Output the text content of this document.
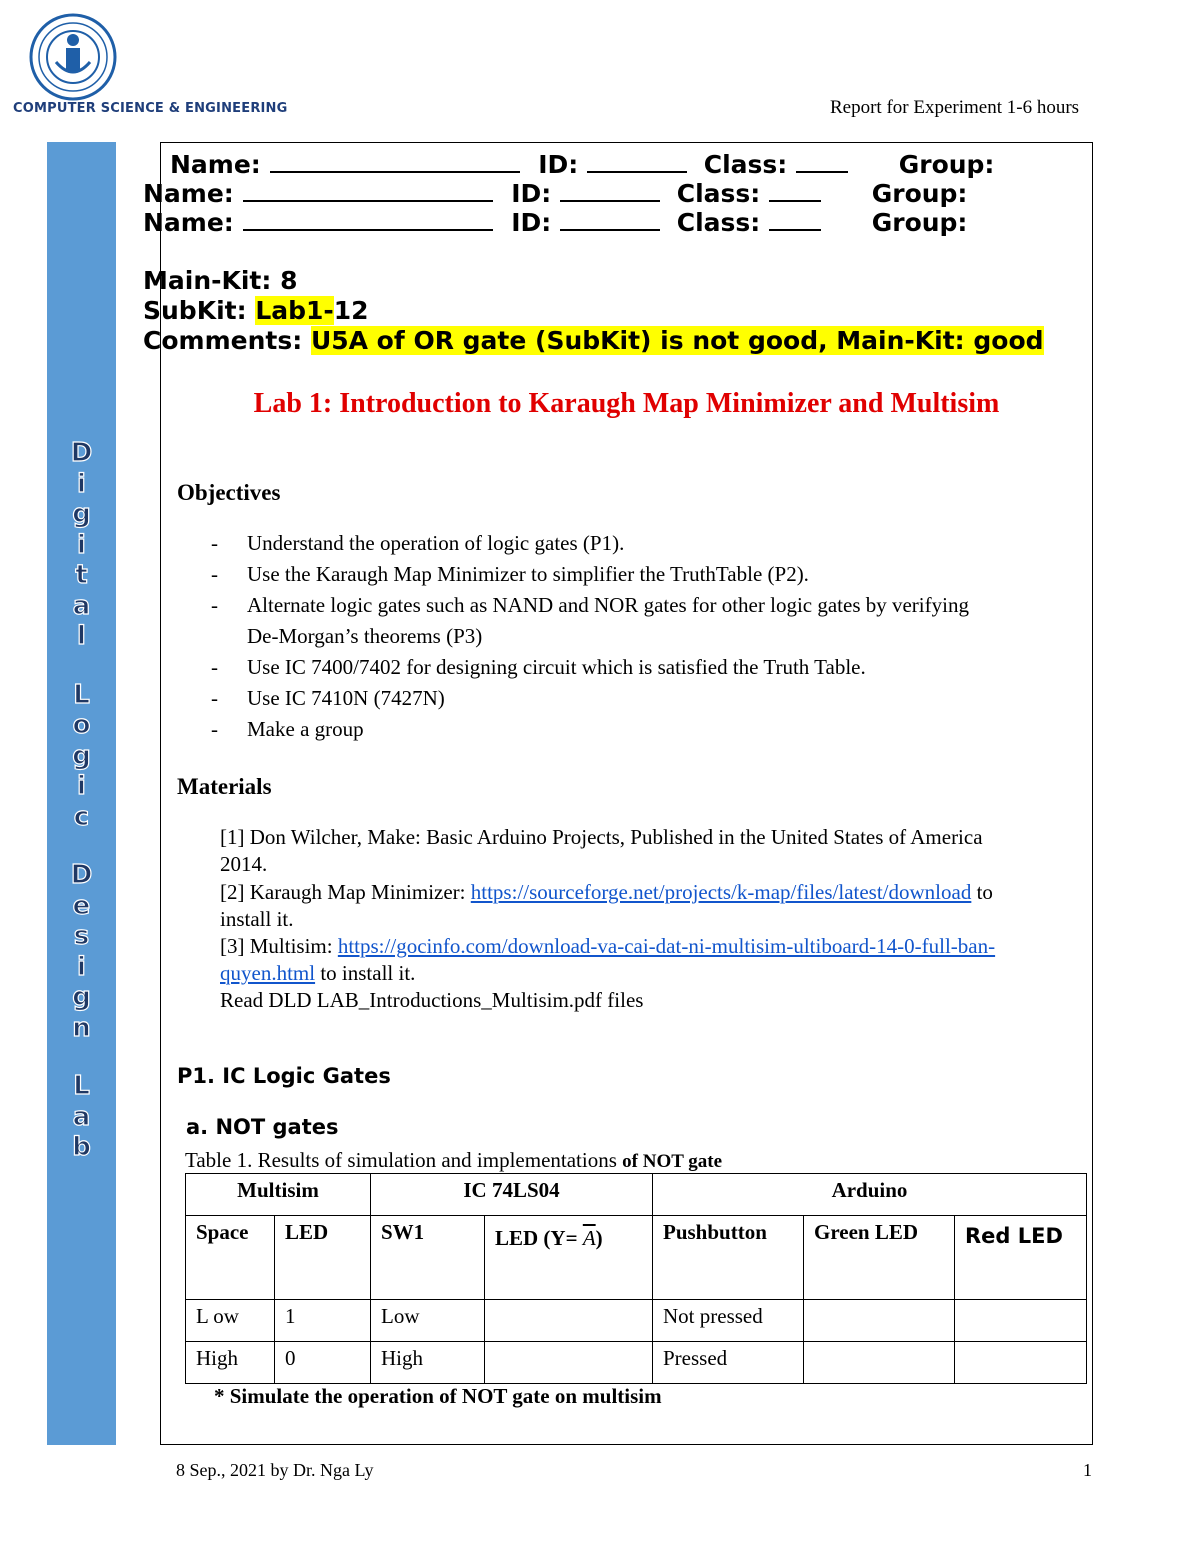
COMPUTER SCIENCE & ENGINEERING	Report for Experiment 1-6 hours
D
i
g
i
t
a
l
L
o
g
i
c
D
e
s
i
g
n
L
a
b
Name:	ID:	Class:	Group:
Name:	ID:	Class:	Group:
Name:	ID:	Class:	Group:
Main-Kit: 8
SubKit: Lab1-12
Comments: U5A of OR gate (SubKit) is not good, Main-Kit: good
Lab 1: Introduction to Karaugh Map Minimizer and Multisim
Objectives
- Understand the operation of logic gates (P1).
- Use the Karaugh Map Minimizer to simplifier the TruthTable (P2).
- Alternate logic gates such as NAND and NOR gates for other logic gates by verifying
De-Morgan’s theorems (P3)
- Use IC 7400/7402 for designing circuit which is satisfied the Truth Table.
- Use IC 7410N (7427N)
- Make a group
Materials
[1] Don Wilcher, Make: Basic Arduino Projects, Published in the United States of America
2014.
[2] Karaugh Map Minimizer: https://sourceforge.net/projects/k-map/files/latest/download to
install it.
[3] Multisim: https://gocinfo.com/download-va-cai-dat-ni-multisim-ultiboard-14-0-full-ban-
quyen.html to install it.
Read DLD LAB_Introductions_Multisim.pdf files
P1. IC Logic Gates
a. NOT gates
Table 1. Results of simulation and implementations of NOT gate
Multisim		IC 74LS04		Arduino		
Space	LED	SW1	LED $(Y= \overline{A})$	Pushbutton	Green LED	Red LED
L ow	1	Low		Not pressed		
High	0	High		Pressed		
* Simulate the operation of NOT gate on multisim
8 Sep., 2021 by Dr. Nga Ly	1
